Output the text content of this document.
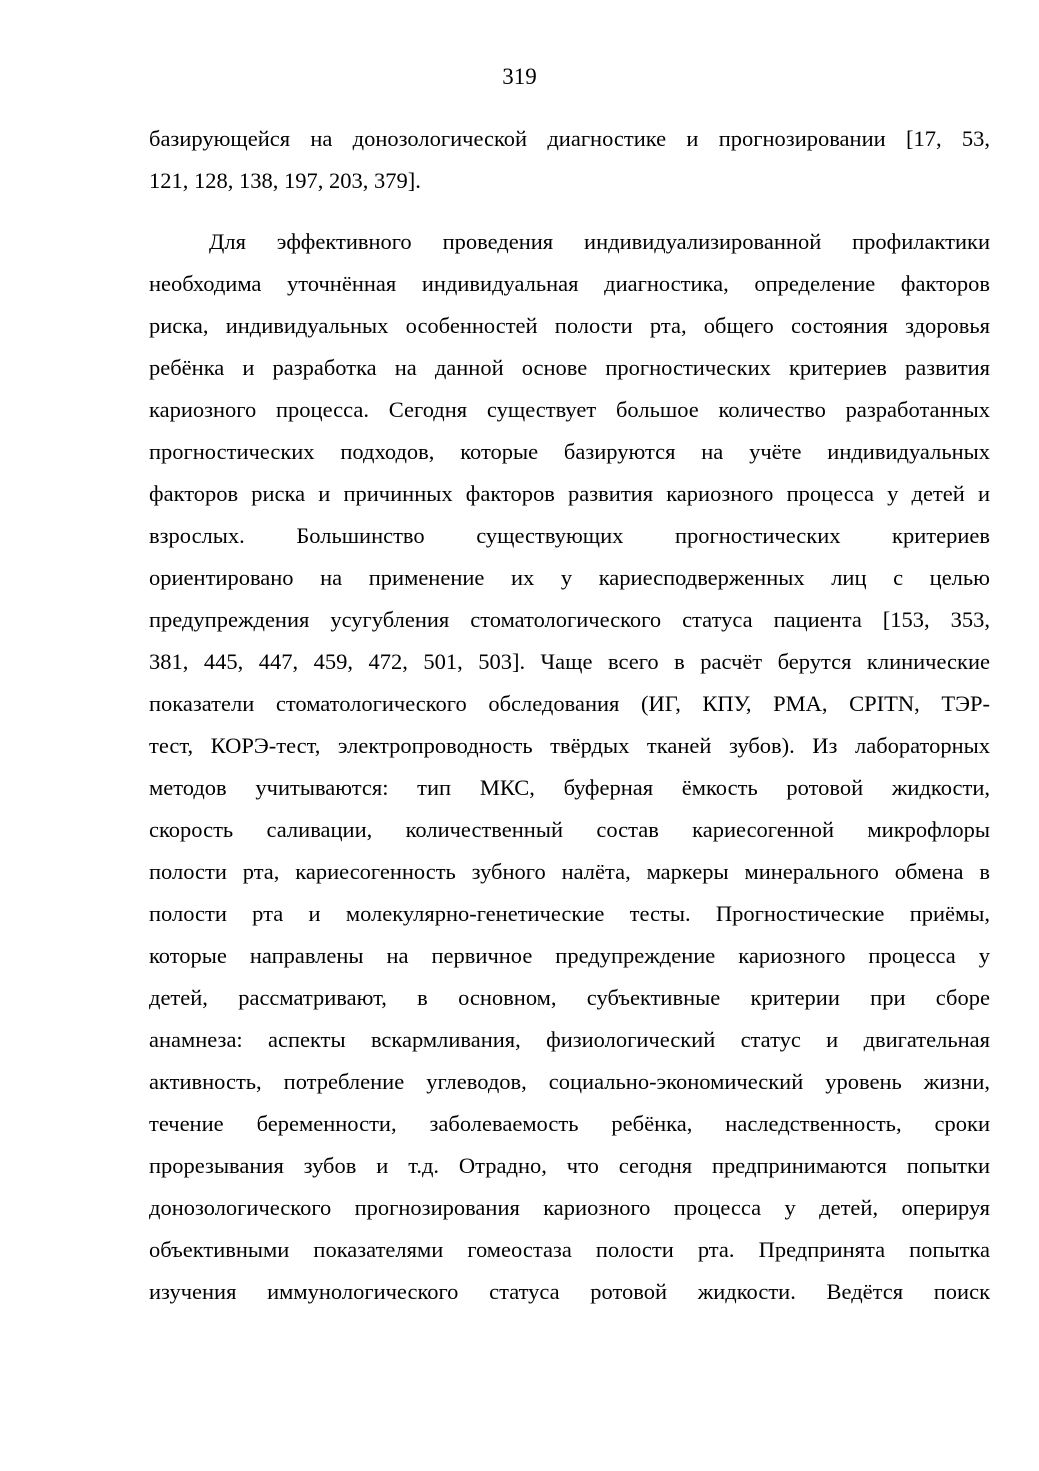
319
базирующейся на донозологической диагностике и прогнозировании [17, 53,
121, 128, 138, 197, 203, 379].
Для эффективного проведения индивидуализированной профилактики
необходима уточнённая индивидуальная диагностика, определение факторов
риска, индивидуальных особенностей полости рта, общего состояния здоровья
ребёнка и разработка на данной основе прогностических критериев развития
кариозного процесса. Сегодня существует большое количество разработанных
прогностических подходов, которые базируются на учёте индивидуальных
факторов риска и причинных факторов развития кариозного процесса у детей и
взрослых. Большинство существующих прогностических критериев
ориентировано на применение их у кариесподверженных лиц с целью
предупреждения усугубления стоматологического статуса пациента [153, 353,
381, 445, 447, 459, 472, 501, 503]. Чаще всего в расчёт берутся клинические
показатели стоматологического обследования (ИГ, КПУ, РМА, CPITN, ТЭР-
тест, КОРЭ-тест, электропроводность твёрдых тканей зубов). Из лабораторных
методов учитываются: тип МКС, буферная ёмкость ротовой жидкости,
скорость саливации, количественный состав кариесогенной микрофлоры
полости рта, кариесогенность зубного налёта, маркеры минерального обмена в
полости рта и молекулярно-генетические тесты. Прогностические приёмы,
которые направлены на первичное предупреждение кариозного процесса у
детей, рассматривают, в основном, субъективные критерии при сборе
анамнеза: аспекты вскармливания, физиологический статус и двигательная
активность, потребление углеводов, социально-экономический уровень жизни,
течение беременности, заболеваемость ребёнка, наследственность, сроки
прорезывания зубов и т.д. Отрадно, что сегодня предпринимаются попытки
донозологического прогнозирования кариозного процесса у детей, оперируя
объективными показателями гомеостаза полости рта. Предпринята попытка
изучения иммунологического статуса ротовой жидкости. Ведётся поиск
